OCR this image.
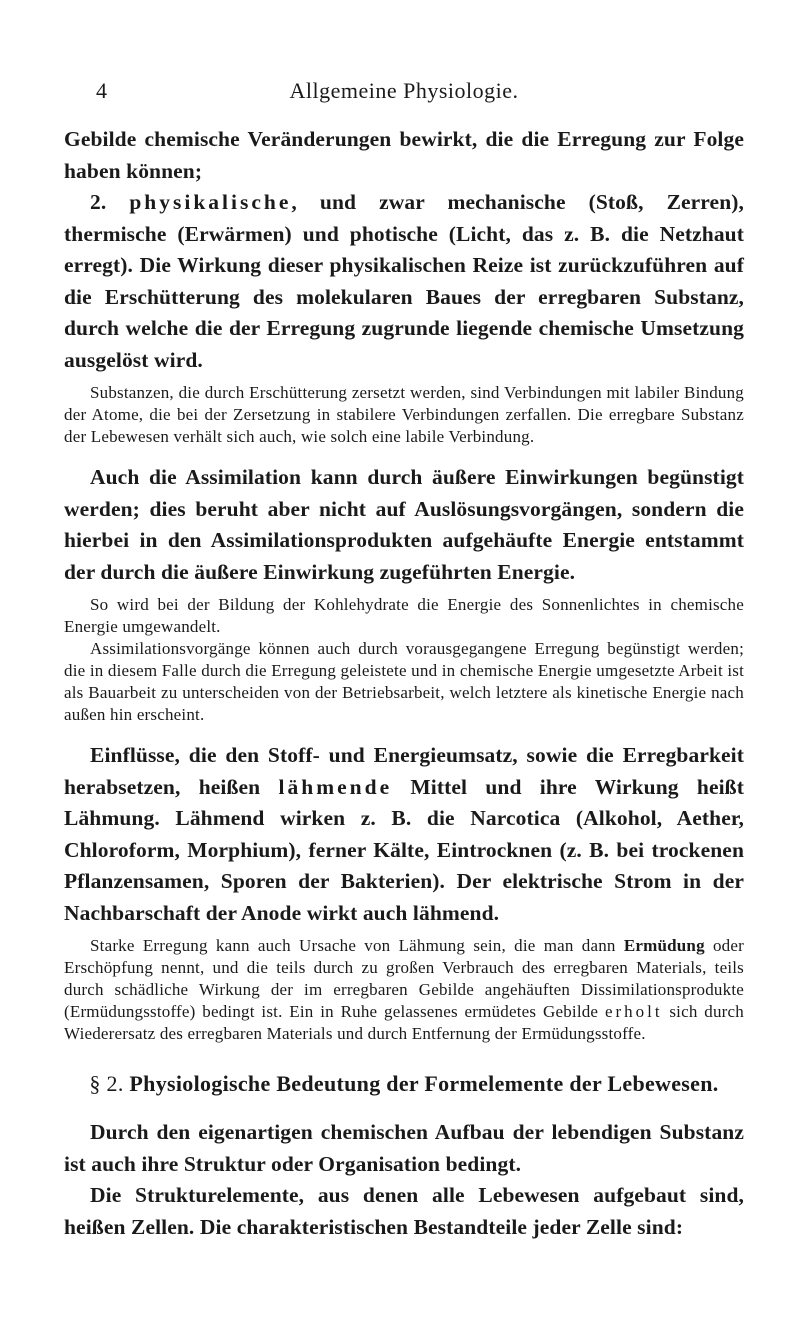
4	Allgemeine Physiologie.

Gebilde chemische Veränderungen bewirkt, die die Erregung zur Folge haben können;

2. physikalische, und zwar mechanische (Stoß, Zerren), thermische (Erwärmen) und photische (Licht, das z. B. die Netzhaut erregt). Die Wirkung dieser physikalischen Reize ist zurückzuführen auf die Erschütterung des molekularen Baues der erregbaren Substanz, durch welche die der Erregung zugrunde liegende chemische Umsetzung ausgelöst wird.

Substanzen, die durch Erschütterung zersetzt werden, sind Verbindungen mit labiler Bindung der Atome, die bei der Zersetzung in stabilere Verbindungen zerfallen. Die erregbare Substanz der Lebewesen verhält sich auch, wie solch eine labile Verbindung.

Auch die Assimilation kann durch äußere Einwirkungen begünstigt werden; dies beruht aber nicht auf Auslösungsvorgängen, sondern die hierbei in den Assimilationsprodukten aufgehäufte Energie entstammt der durch die äußere Einwirkung zugeführten Energie.

So wird bei der Bildung der Kohlehydrate die Energie des Sonnenlichtes in chemische Energie umgewandelt.

Assimilationsvorgänge können auch durch vorausgegangene Erregung begünstigt werden; die in diesem Falle durch die Erregung geleistete und in chemische Energie umgesetzte Arbeit ist als Bauarbeit zu unterscheiden von der Betriebsarbeit, welch letztere als kinetische Energie nach außen hin erscheint.

Einflüsse, die den Stoff- und Energieumsatz, sowie die Erregbarkeit herabsetzen, heißen lähmende Mittel und ihre Wirkung heißt Lähmung. Lähmend wirken z. B. die Narcotica (Alkohol, Aether, Chloroform, Morphium), ferner Kälte, Eintrocknen (z. B. bei trockenen Pflanzensamen, Sporen der Bakterien). Der elektrische Strom in der Nachbarschaft der Anode wirkt auch lähmend.

Starke Erregung kann auch Ursache von Lähmung sein, die man dann Ermüdung oder Erschöpfung nennt, und die teils durch zu großen Verbrauch des erregbaren Materials, teils durch schädliche Wirkung der im erregbaren Gebilde angehäuften Dissimilationsprodukte (Ermüdungsstoffe) bedingt ist. Ein in Ruhe gelassenes ermüdetes Gebilde erholt sich durch Wiederersatz des erregbaren Materials und durch Entfernung der Ermüdungsstoffe.

§ 2. Physiologische Bedeutung der Formelemente der Lebewesen.

Durch den eigenartigen chemischen Aufbau der lebendigen Substanz ist auch ihre Struktur oder Organisation bedingt.

Die Strukturelemente, aus denen alle Lebewesen aufgebaut sind, heißen Zellen. Die charakteristischen Bestandteile jeder Zelle sind:
